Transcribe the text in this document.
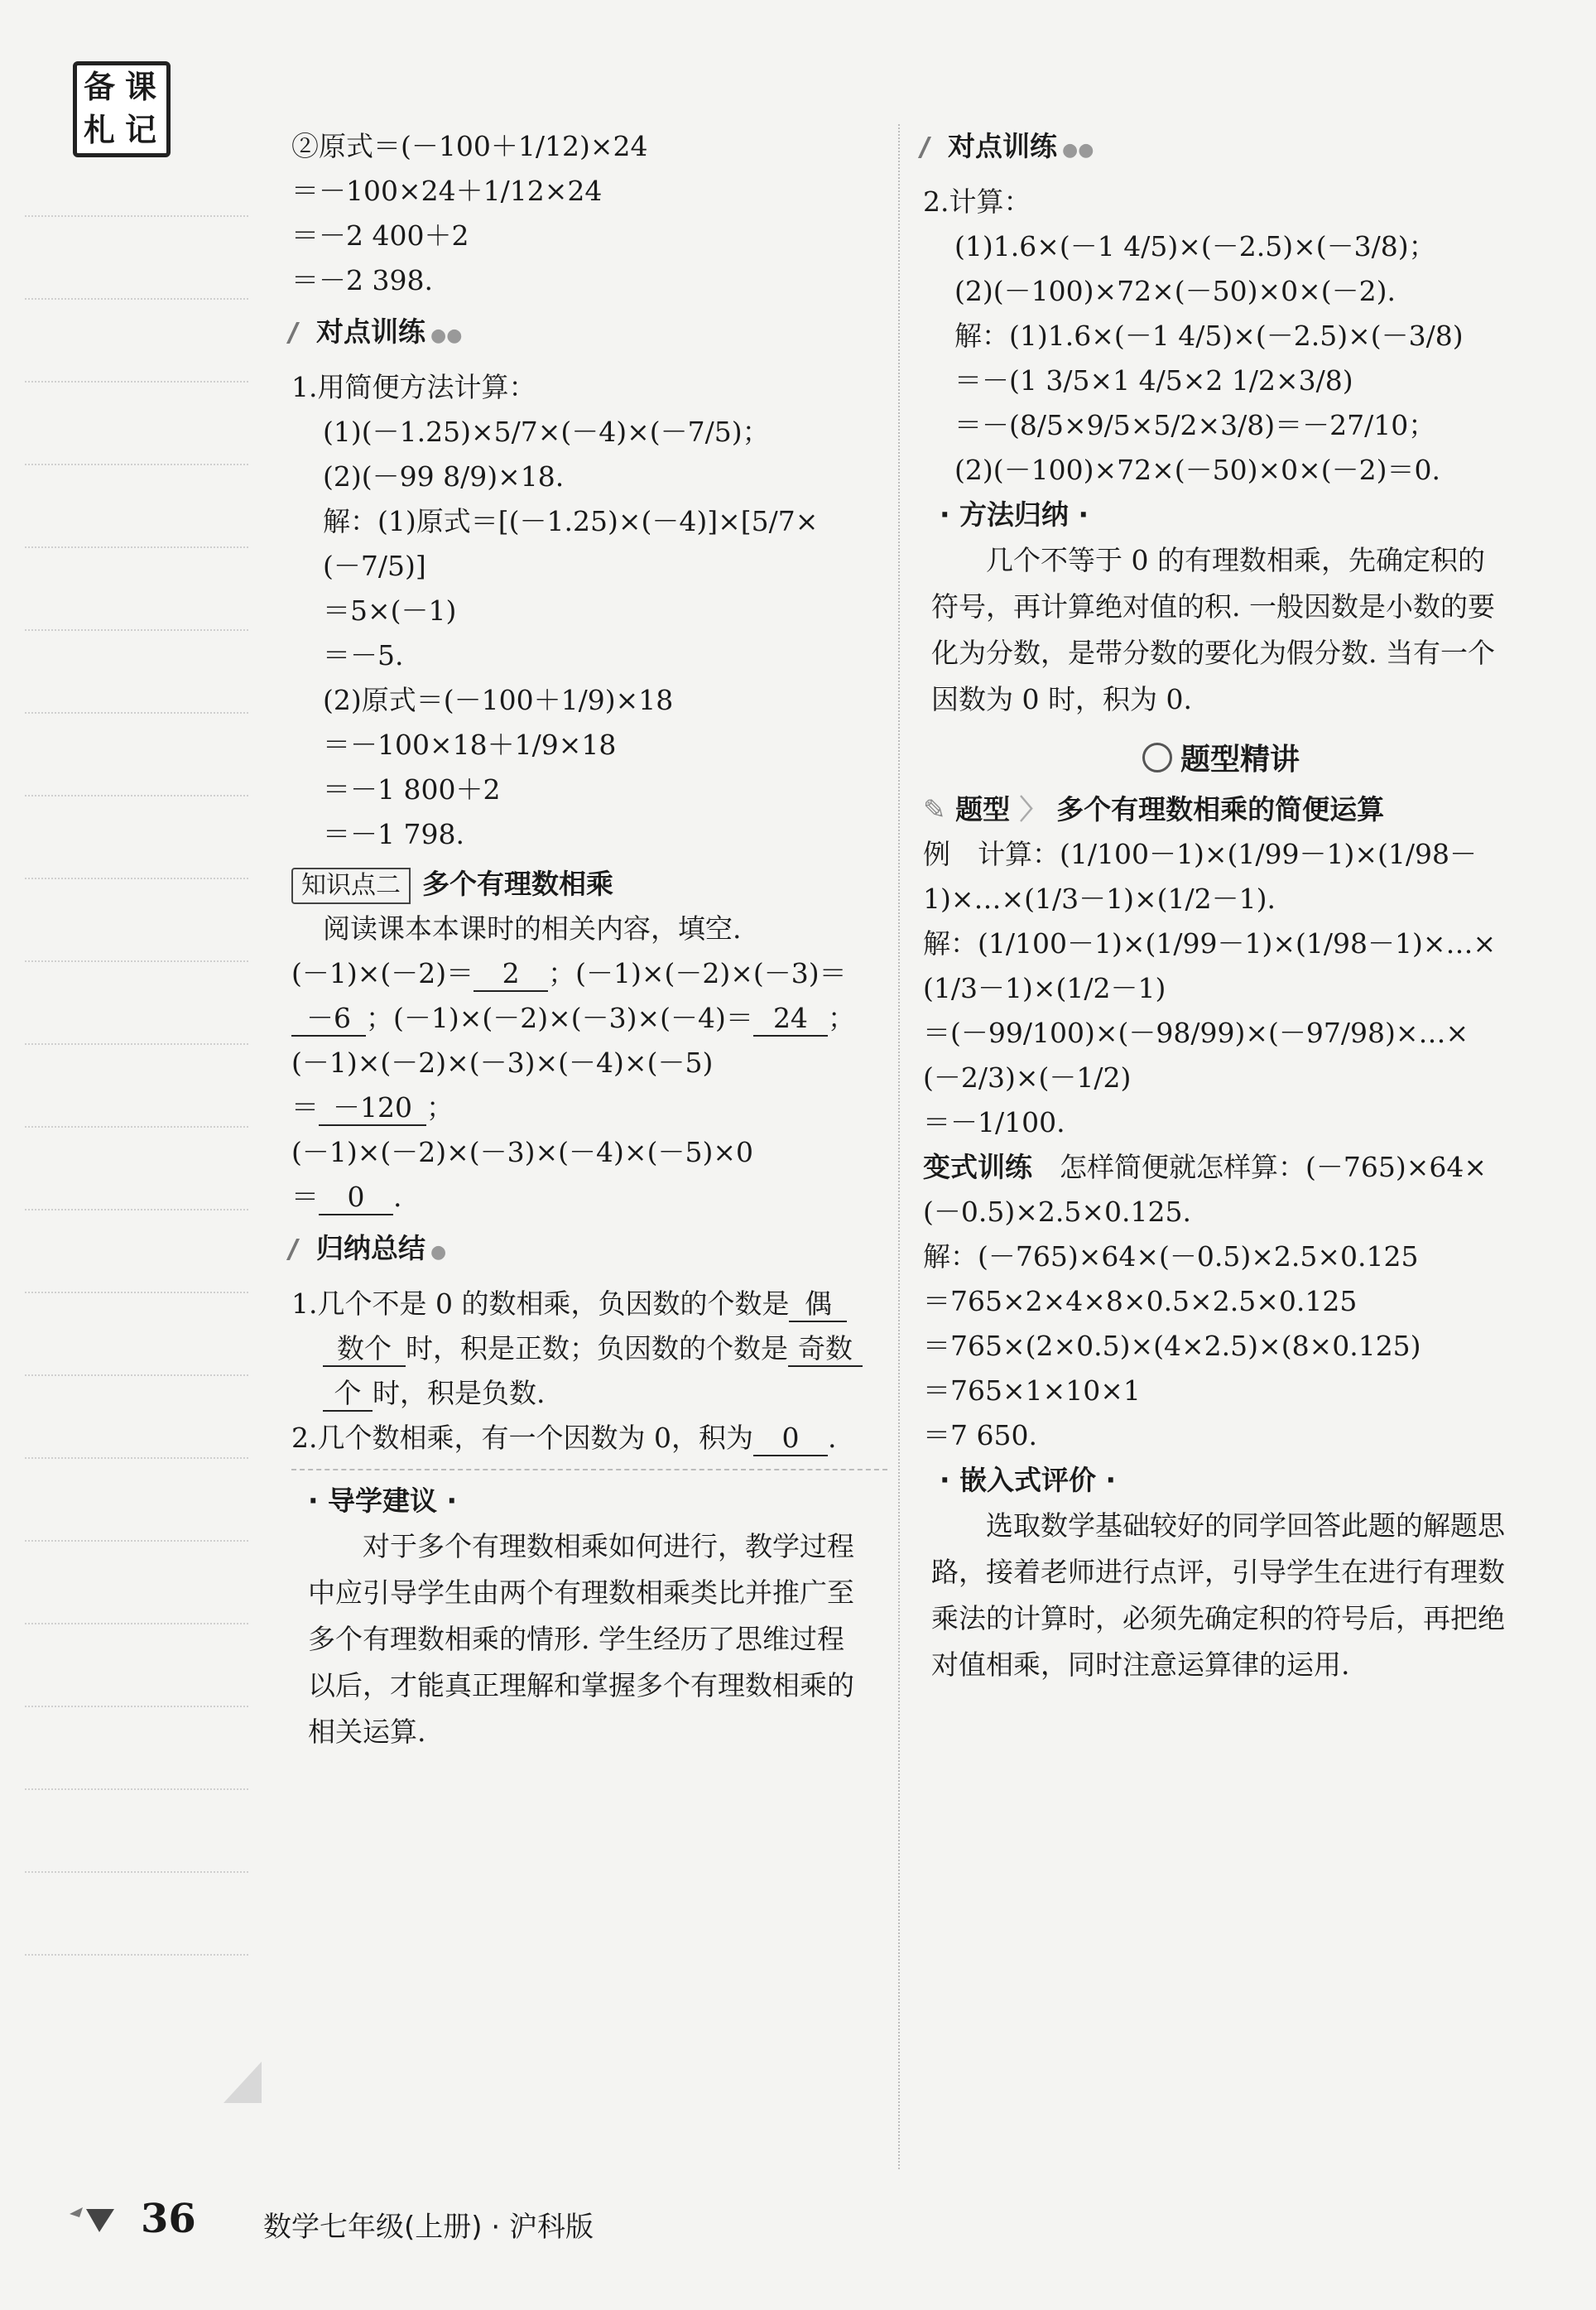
备 课
札 记	②原式＝(－100＋1/12)×24
＝－100×24＋1/12×24
＝－2 400＋2
＝－2 398.
对点训练 ●●
1.用简便方法计算：
(1)(－1.25)×5/7×(－4)×(－7/5)；
(2)(－99 8/9)×18.
解：(1)原式＝[(－1.25)×(－4)]×[5/7×
(－7/5)]
＝5×(－1)
＝－5.
(2)原式＝(－100＋1/9)×18
＝－100×18＋1/9×18
＝－1 800＋2
＝－1 798.
知识点二 多个有理数相乘
阅读课本本课时的相关内容，填空.
(－1)×(－2)＝ 2 ；(－1)×(－2)×(－3)＝
－6 ；(－1)×(－2)×(－3)×(－4)＝ 24 ；
(－1)×(－2)×(－3)×(－4)×(－5)
＝ －120 ；
(－1)×(－2)×(－3)×(－4)×(－5)×0
＝ 0 .
归纳总结 ●
1.几个不是 0 的数相乘，负因数的个数是 偶
数个 时，积是正数；负因数的个数是 奇数
个 时，积是负数.
2.几个数相乘，有一个因数为 0，积为 0 .
· 导学建议 ·
对于多个有理数相乘如何进行，教学过程中应引导学生由两个有理数相乘类比并推广至多个有理数相乘的情形. 学生经历了思维过程以后，才能真正理解和掌握多个有理数相乘的相关运算.
对点训练 ●●
2.计算：
(1)1.6×(－1 4/5)×(－2.5)×(－3/8)；
(2)(－100)×72×(－50)×0×(－2).
解：(1)1.6×(－1 4/5)×(－2.5)×(－3/8)
＝－(1 3/5×1 4/5×2 1/2×3/8)
＝－(8/5×9/5×5/2×3/8)＝－27/10；
(2)(－100)×72×(－50)×0×(－2)＝0.
· 方法归纳 ·
几个不等于 0 的有理数相乘，先确定积的符号，再计算绝对值的积. 一般因数是小数的要化为分数，是带分数的要化为假分数. 当有一个因数为 0 时，积为 0.
题型精讲
✎ 题型 〉 多个有理数相乘的简便运算
例　计算：(1/100－1)×(1/99－1)×(1/98－
1)×…×(1/3－1)×(1/2－1).
解：(1/100－1)×(1/99－1)×(1/98－1)×…×
(1/3－1)×(1/2－1)
＝(－99/100)×(－98/99)×(－97/98)×…×
(－2/3)×(－1/2)
＝－1/100.
变式训练　 怎样简便就怎样算：(－765)×64×
(－0.5)×2.5×0.125.
解：(－765)×64×(－0.5)×2.5×0.125
＝765×2×4×8×0.5×2.5×0.125
＝765×(2×0.5)×(4×2.5)×(8×0.125)
＝765×1×10×1
＝7 650.
· 嵌入式评价 ·
选取数学基础较好的同学回答此题的解题思路，接着老师进行点评，引导学生在进行有理数乘法的计算时，必须先确定积的符号后，再把绝对值相乘，同时注意运算律的运用.
36 数学七年级(上册) · 沪科版
